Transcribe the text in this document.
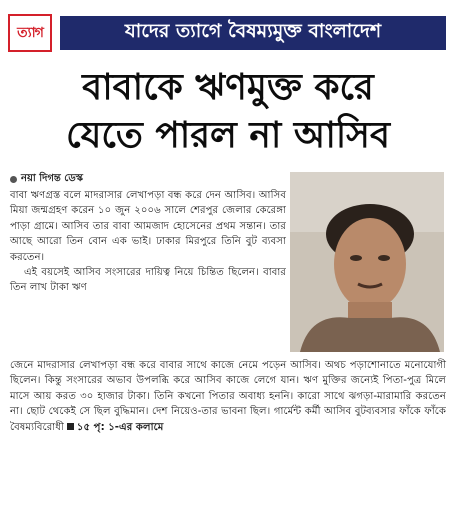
ত্যাগ	যাদের ত্যাগে বৈষম্যমুক্ত বাংলাদেশ
বাবাকে ঋণমুক্ত করে
যেতে পারল না আসিব
নয়া দিগন্ত ডেস্ক

বাবা ঋণগ্রস্ত বলে মাদরাসার লেখাপড়া বন্ধ করে দেন আসিব। আসিব মিয়া জন্মগ্রহণ করেন ১০ জুন ২০০৬ সালে শেরপুর জেলার কেরেঙ্গা পাড়া গ্রামে। আসিব তার বাবা আমজাদ হোসেনের প্রথম সন্তান। তার আছে আরো তিন বোন এক ভাই। ঢাকার মিরপুরে তিনি বুট ব্যবসা করতেন।

এই বয়সেই আসিব সংসারের দায়িত্ব নিয়ে চিন্তিত ছিলেন। বাবার তিন লাখ টাকা ঋণ

জেনে মাদরাসার লেখাপড়া বন্ধ করে বাবার সাথে কাজে নেমে পড়েন আসিব। অথচ পড়াশোনাতে মনোযোগী ছিলেন। কিন্তু সংসারের অভাব উপলব্ধি করে আসিব কাজে লেগে যান। ঋণ মুক্তির জন্যেই পিতা-পুত্র মিলে মাসে আয় করত ৩০ হাজার টাকা। তিনি কখনো পিতার অবাধ্য হননি। কারো সাথে ঝগড়া-মারামারি করতেন না। ছোট থেকেই সে ছিল বুদ্ধিমান। দেশ নিয়েও-তার ভাবনা ছিল। গার্মেন্ট কর্মী আসিব বুটব্যবসার ফাঁকে ফাঁকে বৈষম্যবিরোধী ১৫ পৃ: ১-এর কলামে
